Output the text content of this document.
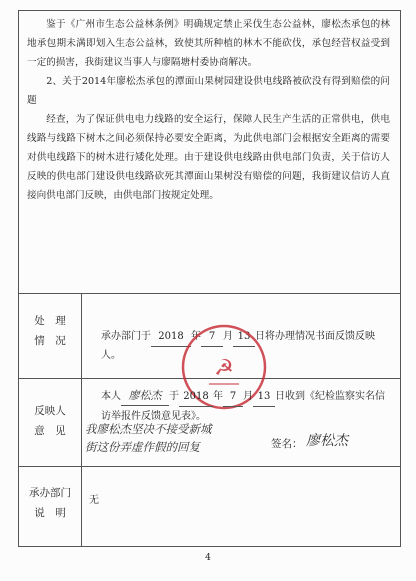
鉴于《广州市生态公益林条例》明确规定禁止采伐生态公益林，廖松杰承包的林地承包期未满即划入生态公益林，致使其所种植的林木不能砍伐，承包经营权益受到一定的损害，我街建议当事人与廖隔塘村委协商解决。

2、关于2014年廖松杰承包的潭面山果树园建设供电线路被砍没有得到赔偿的问题

经查，为了保证供电电力线路的安全运行，保障人民生产生活的正常供电，供电线路与线路下树木之间必须保持必要安全距离，为此供电部门会根据安全距离的需要对供电线路下的树木进行矮化处理。由于建设供电线路由供电部门负责，关于信访人反映的供电部门建设供电线路砍死其潭面山果树没有赔偿的问题，我街建议信访人直接向供电部门反映，由供电部门按规定处理。

处　理
情　况	承办部门于 2018 年 7 月 13 日将办理情况书面反馈反映人。
☭
反映人
意　见
本人 廖松杰 于 2018 年 7 月 13 日收到《纪检监察实名信访举报件反馈意见表》。
我廖松杰坚决不接受新城
街这份弄虚作假的回复	签名： 廖松杰
承办部门
说　明
无
4
